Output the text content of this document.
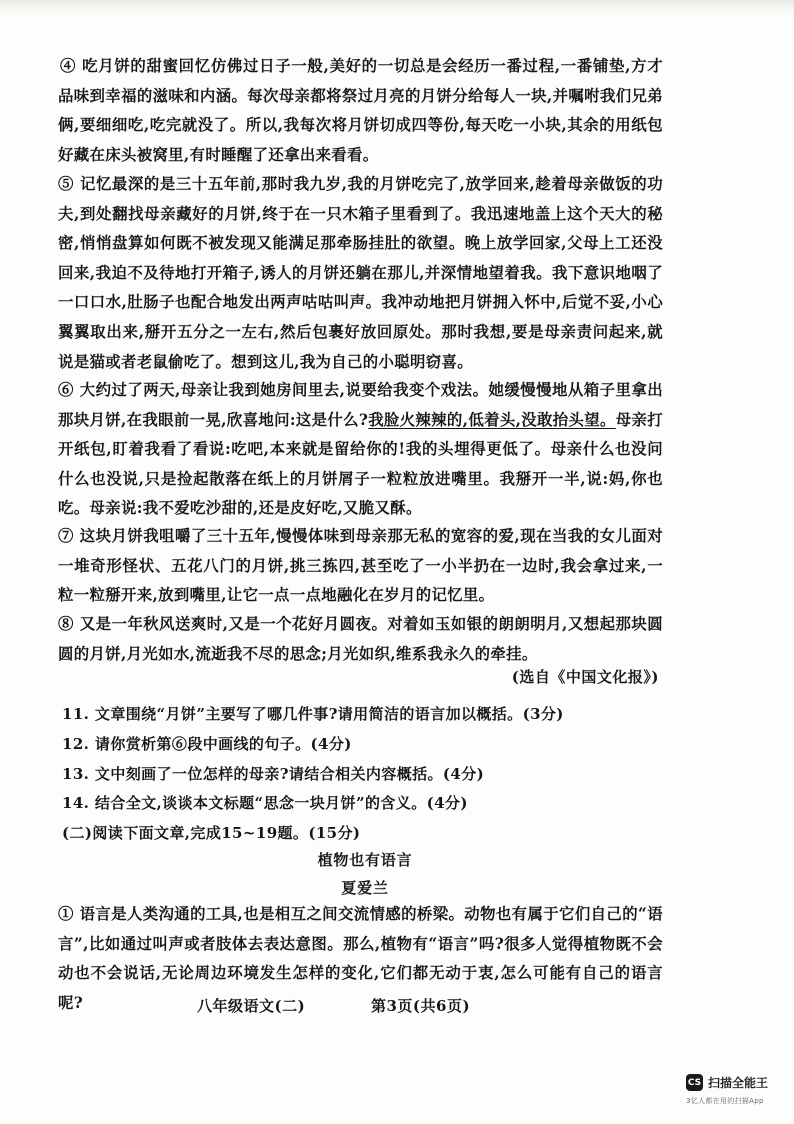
④ 吃月饼的甜蜜回忆仿佛过日子一般,美好的一切总是会经历一番过程,一番铺垫,方才品味到幸福的滋味和内涵。每次母亲都将祭过月亮的月饼分给每人一块,并嘱咐我们兄弟俩,要细细吃,吃完就没了。所以,我每次将月饼切成四等份,每天吃一小块,其余的用纸包好藏在床头被窝里,有时睡醒了还拿出来看看。

⑤ 记忆最深的是三十五年前,那时我九岁,我的月饼吃完了,放学回来,趁着母亲做饭的功夫,到处翻找母亲藏好的月饼,终于在一只木箱子里看到了。我迅速地盖上这个天大的秘密,悄悄盘算如何既不被发现又能满足那牵肠挂肚的欲望。晚上放学回家,父母上工还没回来,我迫不及待地打开箱子,诱人的月饼还躺在那儿,并深情地望着我。我下意识地咽了一口口水,肚肠子也配合地发出两声咕咕叫声。我冲动地把月饼拥入怀中,后觉不妥,小心翼翼取出来,掰开五分之一左右,然后包裹好放回原处。那时我想,要是母亲责问起来,就说是猫或者老鼠偷吃了。想到这儿,我为自己的小聪明窃喜。

⑥ 大约过了两天,母亲让我到她房间里去,说要给我变个戏法。她缓慢慢地从箱子里拿出那块月饼,在我眼前一晃,欣喜地问:这是什么?我脸火辣辣的,低着头,没敢抬头望。母亲打开纸包,盯着我看了看说:吃吧,本来就是留给你的!我的头埋得更低了。母亲什么也没问什么也没说,只是捡起散落在纸上的月饼屑子一粒粒放进嘴里。我掰开一半,说:妈,你也吃。母亲说:我不爱吃沙甜的,还是皮好吃,又脆又酥。

⑦ 这块月饼我咀嚼了三十五年,慢慢体味到母亲那无私的宽容的爱,现在当我的女儿面对一堆奇形怪状、五花八门的月饼,挑三拣四,甚至吃了一小半扔在一边时,我会拿过来,一粒一粒掰开来,放到嘴里,让它一点一点地融化在岁月的记忆里。

⑧ 又是一年秋风送爽时,又是一个花好月圆夜。对着如玉如银的朗朗明月,又想起那块圆圆的月饼,月光如水,流逝我不尽的思念;月光如织,维系我永久的牵挂。

(选自《中国文化报》)
11. 文章围绕“月饼”主要写了哪几件事?请用简洁的语言加以概括。(3分)
12. 请你赏析第⑥段中画线的句子。(4分)
13. 文中刻画了一位怎样的母亲?请结合相关内容概括。(4分)
14. 结合全文,谈谈本文标题“思念一块月饼”的含义。(4分)
(二)阅读下面文章,完成15~19题。(15分)
植物也有语言
夏爱兰

① 语言是人类沟通的工具,也是相互之间交流情感的桥梁。动物也有属于它们自己的“语言”,比如通过叫声或者肢体去表达意图。那么,植物有“语言”吗?很多人觉得植物既不会动也不会说话,无论周边环境发生怎样的变化,它们都无动于衷,怎么可能有自己的语言呢?	八年级语文(二)	第3页(共6页)
CS 扫描全能王
3亿人都在用的扫描App
